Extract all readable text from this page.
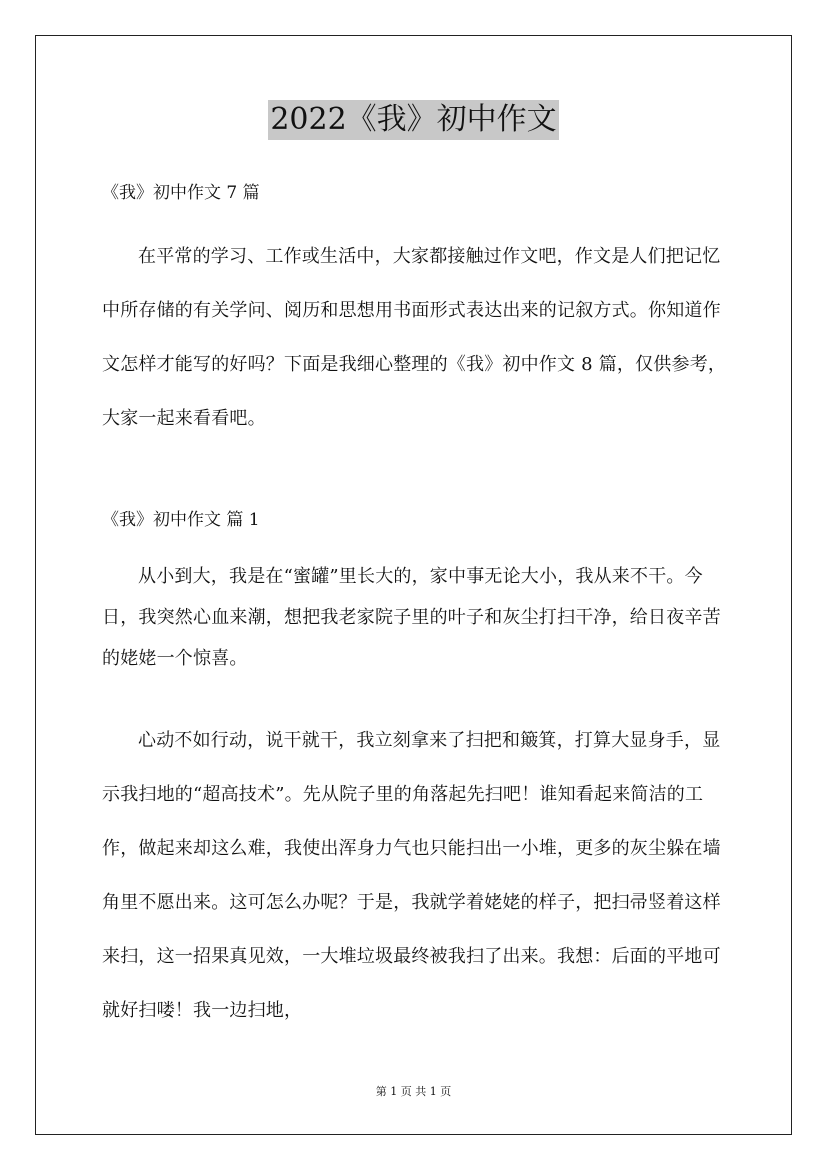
2022《我》初中作文
《我》初中作文 7 篇

在平常的学习、工作或生活中，大家都接触过作文吧，作文是人们把记忆中所存储的有关学问、阅历和思想用书面形式表达出来的记叙方式。你知道作文怎样才能写的好吗？下面是我细心整理的《我》初中作文 8 篇，仅供参考，大家一起来看看吧。

《我》初中作文 篇 1

从小到大，我是在“蜜罐”里长大的，家中事无论大小，我从来不干。今日，我突然心血来潮，想把我老家院子里的叶子和灰尘打扫干净，给日夜辛苦的姥姥一个惊喜。

心动不如行动，说干就干，我立刻拿来了扫把和簸箕，打算大显身手，显示我扫地的“超高技术”。先从院子里的角落起先扫吧！谁知看起来简洁的工作，做起来却这么难，我使出浑身力气也只能扫出一小堆，更多的灰尘躲在墙角里不愿出来。这可怎么办呢？于是，我就学着姥姥的样子，把扫帚竖着这样来扫，这一招果真见效，一大堆垃圾最终被我扫了出来。我想：后面的平地可就好扫喽！我一边扫地，

第 1 页 共 1 页
